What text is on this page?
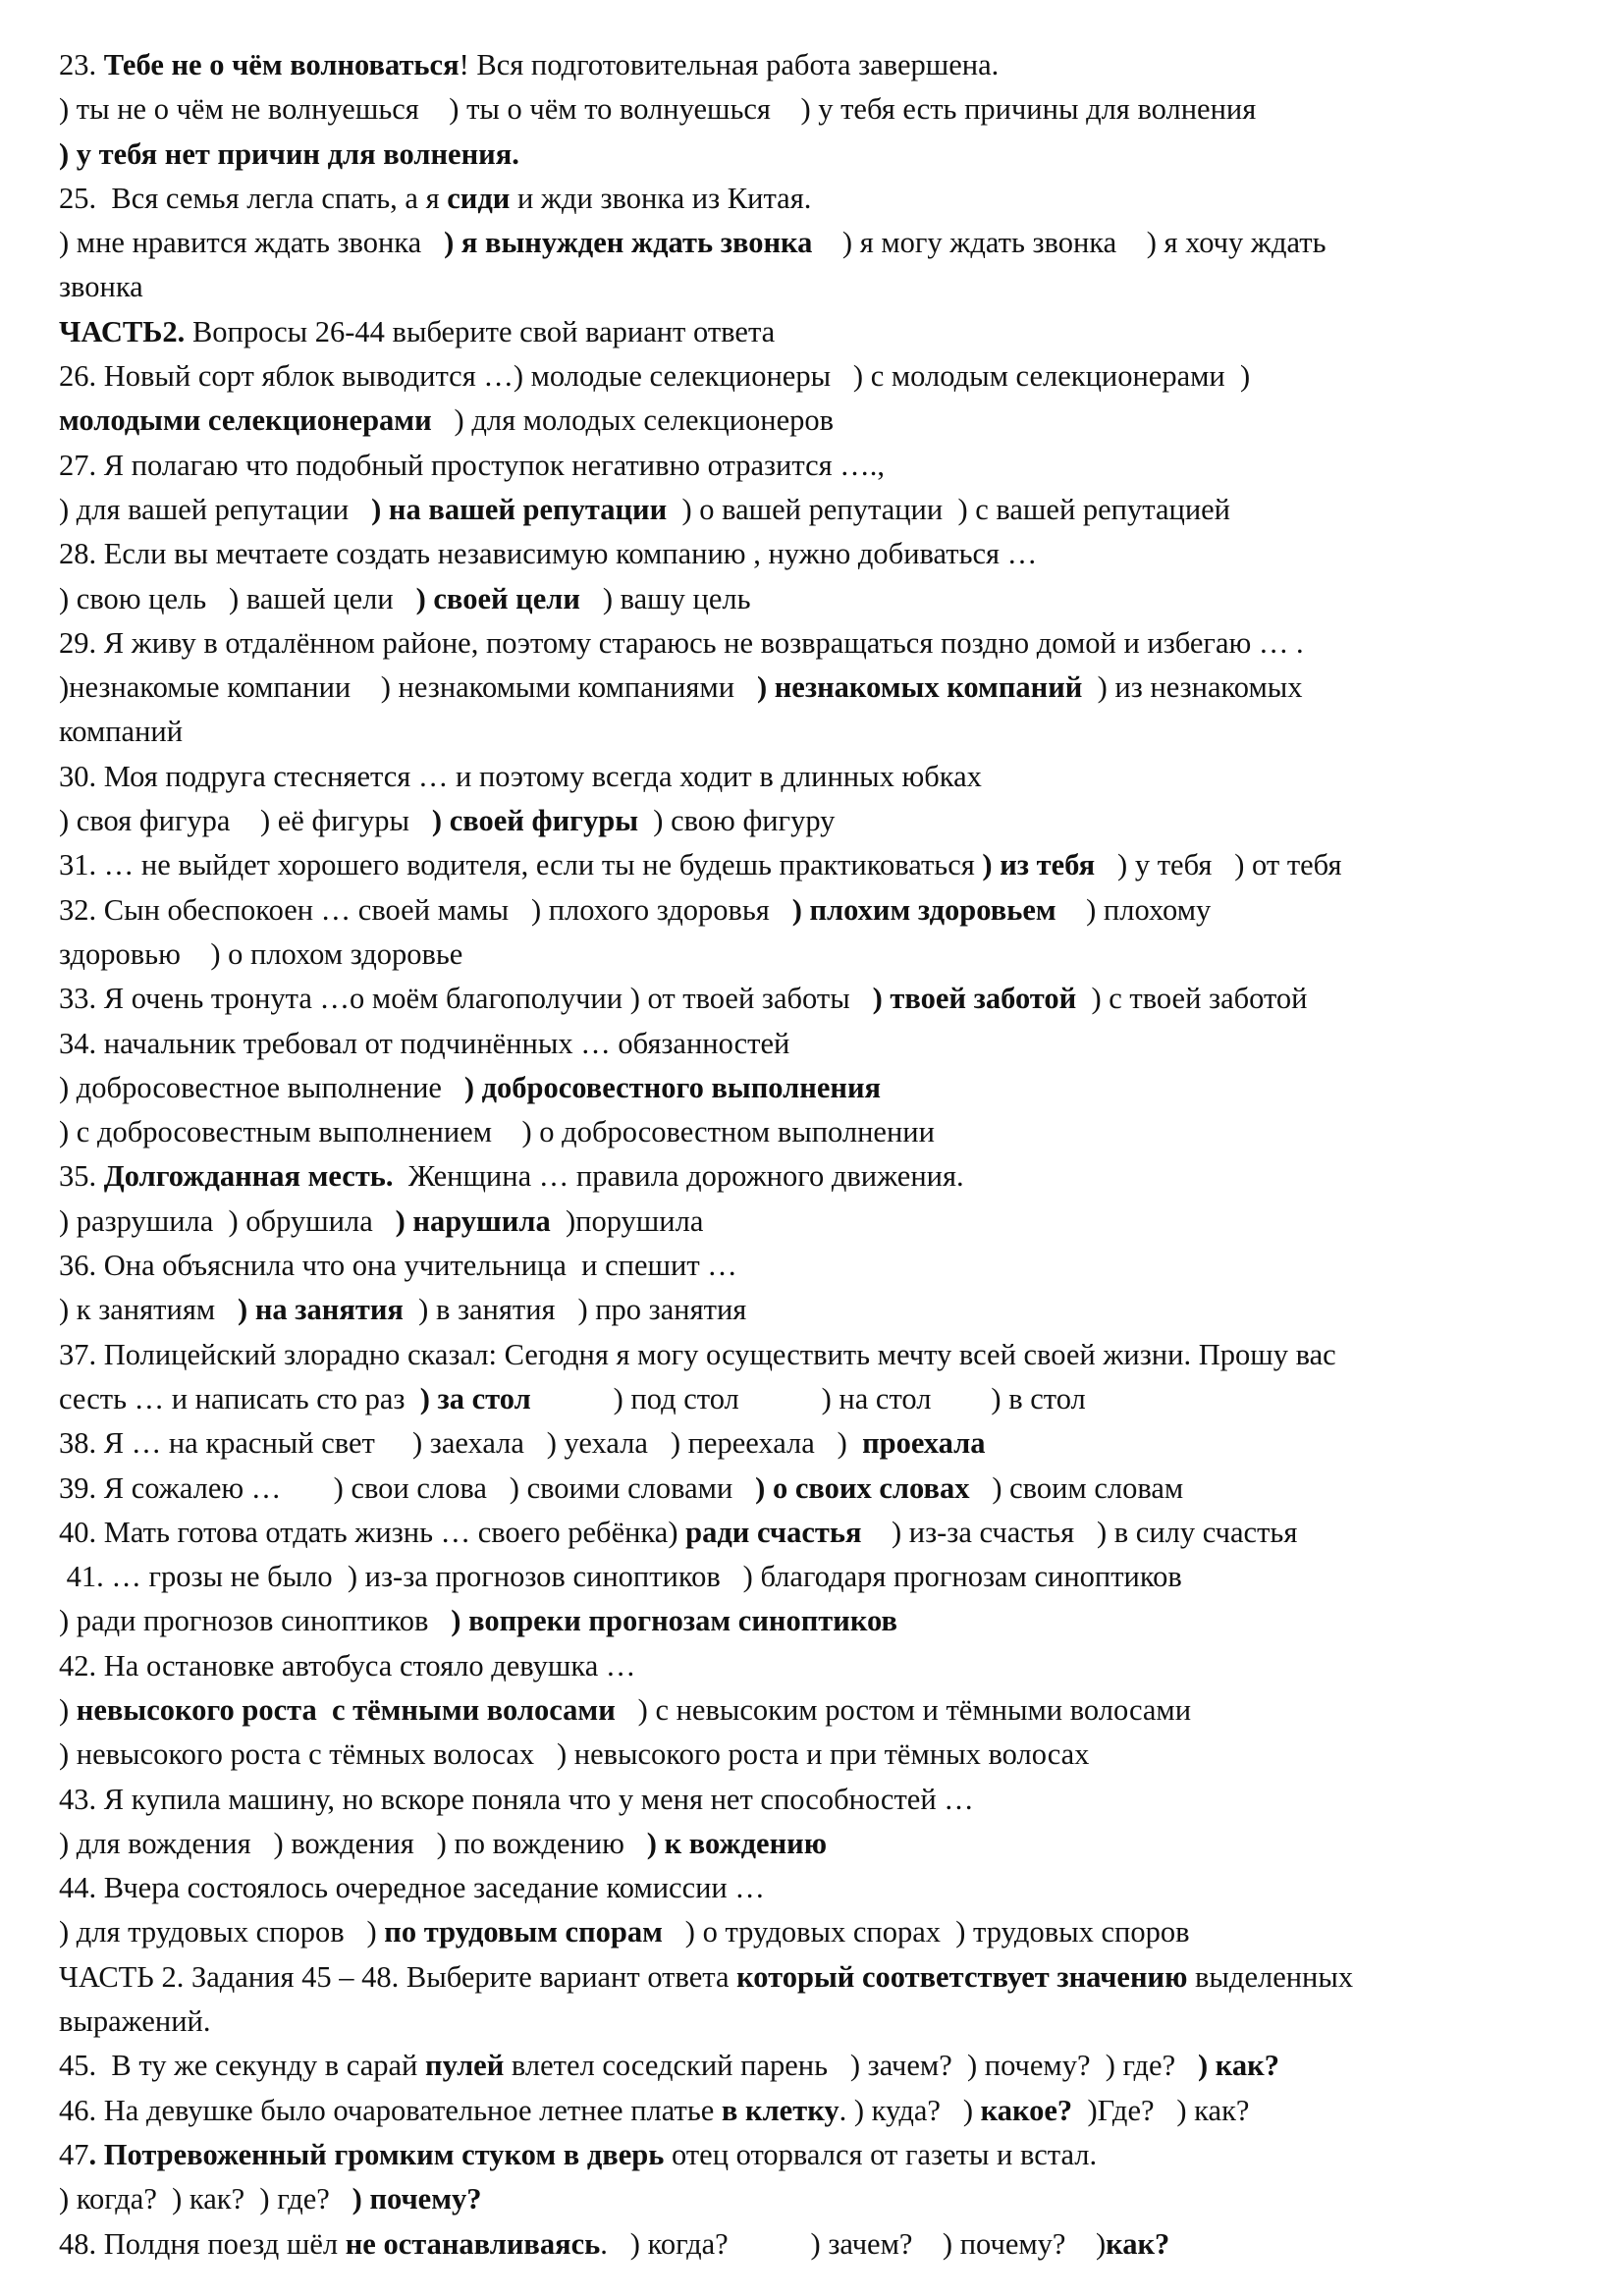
23. Тебе не о чём волноваться! Вся подготовительная работа завершена.
) ты не о чём не волнуешься    ) ты о чём то волнуешься    ) у тебя есть причины для волнения
) у тебя нет причин для волнения.
25.  Вся семья легла спать, а я сиди и жди звонка из Китая.
) мне нравится ждать звонка   ) я вынужден ждать звонка    ) я могу ждать звонка    ) я хочу ждать
звонка
ЧАСТЬ2. Вопросы 26-44 выберите свой вариант ответа
26. Новый сорт яблок выводится …) молодые селекционеры   ) с молодым селекционерами  )
молодыми селекционерами   ) для молодых селекционеров
27. Я полагаю что подобный проступок негативно отразится ….,
) для вашей репутации   ) на вашей репутации  ) о вашей репутации  ) с вашей репутацией
28. Если вы мечтаете создать независимую компанию , нужно добиваться …
) свою цель   ) вашей цели   ) своей цели   ) вашу цель
29. Я живу в отдалённом районе, поэтому стараюсь не возвращаться поздно домой и избегаю … .
)незнакомые компании    ) незнакомыми компаниями   ) незнакомых компаний  ) из незнакомых
компаний
30. Моя подруга стесняется … и поэтому всегда ходит в длинных юбках
) своя фигура    ) её фигуры   ) своей фигуры  ) свою фигуру
31. … не выйдет хорошего водителя, если ты не будешь практиковаться ) из тебя   ) у тебя   ) от тебя
32. Сын обеспокоен … своей мамы   ) плохого здоровья   ) плохим здоровьем    ) плохому
здоровью    ) о плохом здоровье
33. Я очень тронута …о моём благополучии ) от твоей заботы   ) твоей заботой  ) с твоей заботой
34. начальник требовал от подчинённых … обязанностей
) добросовестное выполнение   ) добросовестного выполнения
) с добросовестным выполнением    ) о добросовестном выполнении
35. Долгожданная месть.  Женщина … правила дорожного движения.
) разрушила  ) обрушила   ) нарушила  )порушила
36. Она объяснила что она учительница  и спешит …
) к занятиям   ) на занятия  ) в занятия   ) про занятия
37. Полицейский злорадно сказал: Сегодня я могу осуществить мечту всей своей жизни. Прошу вас
сесть … и написать сто раз  ) за стол           ) под стол           ) на стол        ) в стол
38. Я … на красный свет     ) заехала   ) уехала   ) переехала   )  проехала
39. Я сожалею …       ) свои слова   ) своими словами   ) о своих словах   ) своим словам
40. Мать готова отдать жизнь … своего ребёнка) ради счастья    ) из-за счастья   ) в силу счастья
41. … грозы не было  ) из-за прогнозов синоптиков   ) благодаря прогнозам синоптиков
) ради прогнозов синоптиков   ) вопреки прогнозам синоптиков
42. На остановке автобуса стояло девушка …
) невысокого роста  с тёмными волосами   ) с невысоким ростом и тёмными волосами
) невысокого роста с тёмных волосах   ) невысокого роста и при тёмных волосах
43. Я купила машину, но вскоре поняла что у меня нет способностей …
) для вождения   ) вождения   ) по вождению   ) к вождению
44. Вчера состоялось очередное заседание комиссии …
) для трудовых споров   ) по трудовым спорам   ) о трудовых спорах  ) трудовых споров
ЧАСТЬ 2. Задания 45 – 48. Выберите вариант ответа который соответствует значению выделенных
выражений.
45.  В ту же секунду в сарай пулей влетел соседский парень   ) зачем?  ) почему?  ) где?   ) как?
46. На девушке было очаровательное летнее платье в клетку. ) куда?   ) какое?  )Где?   ) как?
47. Потревоженный громким стуком в дверь отец оторвался от газеты и встал.
) когда?  ) как?  ) где?   ) почему?
48. Полдня поезд шёл не останавливаясь.   ) когда?           ) зачем?    ) почему?    )как?
